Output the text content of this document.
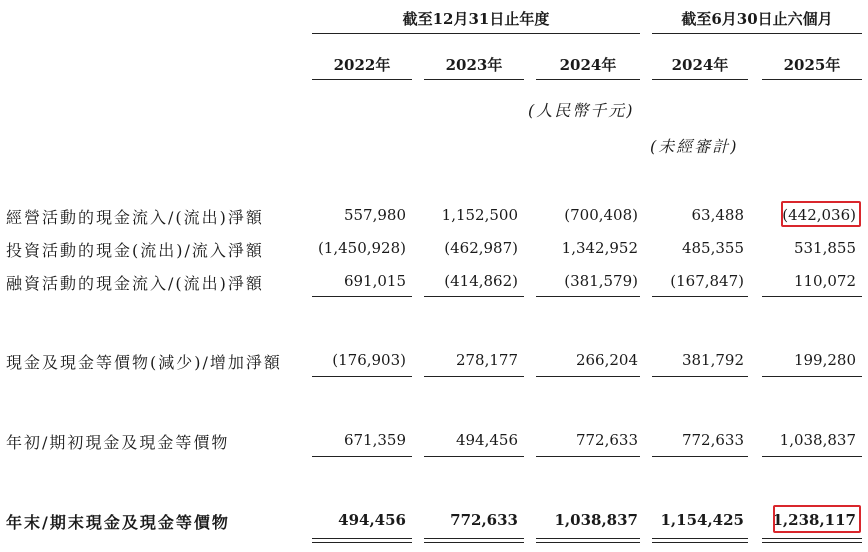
截至12月31日止年度	截至6月30日止六個月
2022年	2023年	2024年	2024年	2025年
(人民幣千元)
(未經審計)
經營活動的現金流入/(流出)淨額	557,980	1,152,500	(700,408)	63,488	(442,036)
投資活動的現金(流出)/流入淨額	(1,450,928)	(462,987)	1,342,952	485,355	531,855
融資活動的現金流入/(流出)淨額	691,015	(414,862)	(381,579)	(167,847)	110,072
現金及現金等價物(減少)/增加淨額	(176,903)	278,177	266,204	381,792	199,280
年初/期初現金及現金等價物	671,359	494,456	772,633	772,633	1,038,837
年末/期末現金及現金等價物	494,456	772,633	1,038,837	1,154,425	1,238,117
